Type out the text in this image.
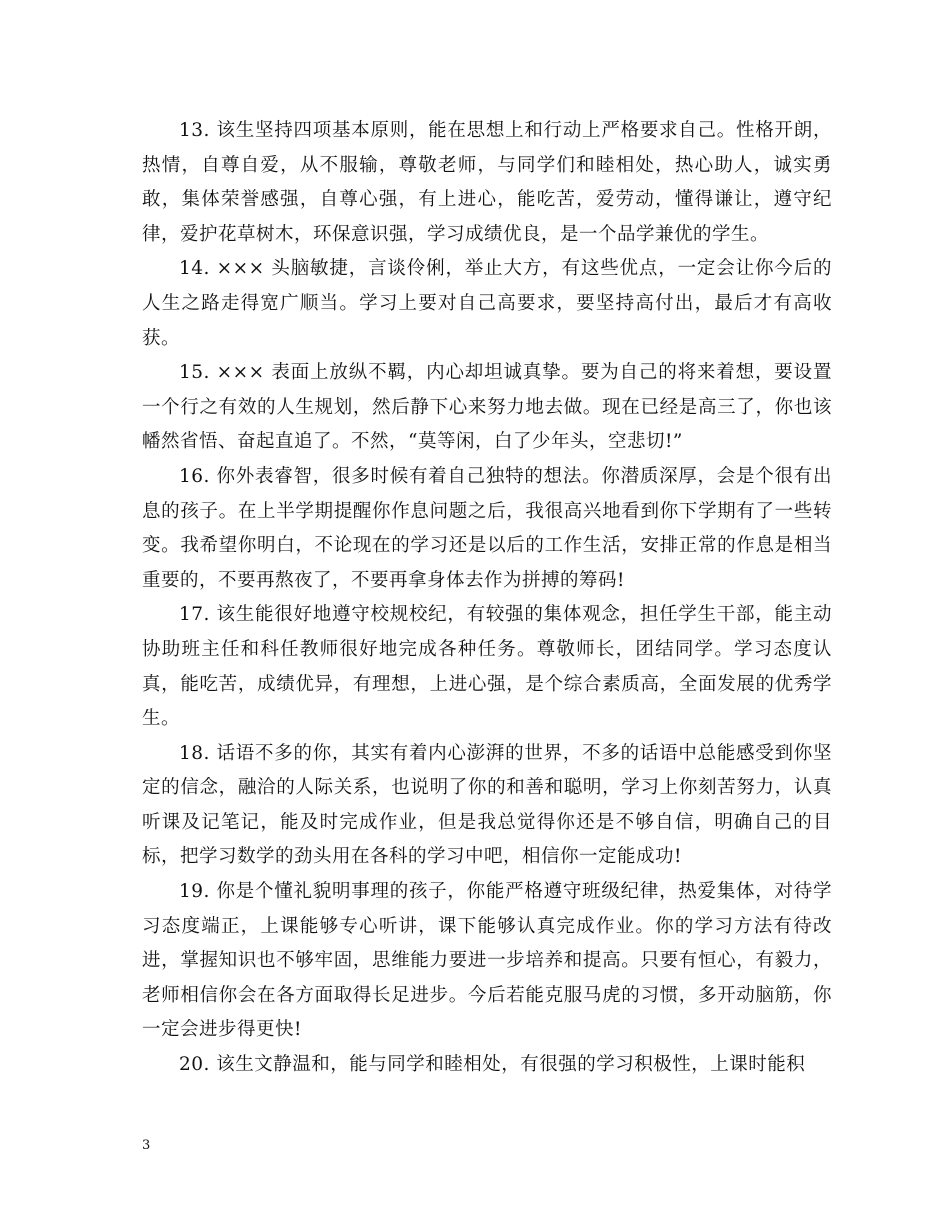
13. 该生坚持四项基本原则，能在思想上和行动上严格要求自己。性格开朗，热情，自尊自爱，从不服输，尊敬老师，与同学们和睦相处，热心助人，诚实勇敢，集体荣誉感强，自尊心强，有上进心，能吃苦，爱劳动，懂得谦让，遵守纪律，爱护花草树木，环保意识强，学习成绩优良，是一个品学兼优的学生。

14. ××× 头脑敏捷，言谈伶俐，举止大方，有这些优点，一定会让你今后的人生之路走得宽广顺当。学习上要对自己高要求，要坚持高付出，最后才有高收获。

15. ××× 表面上放纵不羁，内心却坦诚真挚。要为自己的将来着想，要设置一个行之有效的人生规划，然后静下心来努力地去做。现在已经是高三了，你也该幡然省悟、奋起直追了。不然，“莫等闲，白了少年头，空悲切!”

16. 你外表睿智，很多时候有着自己独特的想法。你潜质深厚，会是个很有出息的孩子。在上半学期提醒你作息问题之后，我很高兴地看到你下学期有了一些转变。我希望你明白，不论现在的学习还是以后的工作生活，安排正常的作息是相当重要的，不要再熬夜了，不要再拿身体去作为拼搏的筹码!

17. 该生能很好地遵守校规校纪，有较强的集体观念，担任学生干部，能主动协助班主任和科任教师很好地完成各种任务。尊敬师长，团结同学。学习态度认真，能吃苦，成绩优异，有理想，上进心强，是个综合素质高，全面发展的优秀学生。

18. 话语不多的你，其实有着内心澎湃的世界，不多的话语中总能感受到你坚定的信念，融洽的人际关系，也说明了你的和善和聪明，学习上你刻苦努力，认真听课及记笔记，能及时完成作业，但是我总觉得你还是不够自信，明确自己的目标，把学习数学的劲头用在各科的学习中吧，相信你一定能成功!

19. 你是个懂礼貌明事理的孩子，你能严格遵守班级纪律，热爱集体，对待学习态度端正，上课能够专心听讲，课下能够认真完成作业。你的学习方法有待改进，掌握知识也不够牢固，思维能力要进一步培养和提高。只要有恒心，有毅力，老师相信你会在各方面取得长足进步。今后若能克服马虎的习惯，多开动脑筋，你一定会进步得更快!

20. 该生文静温和，能与同学和睦相处，有很强的学习积极性，上课时能积

3
